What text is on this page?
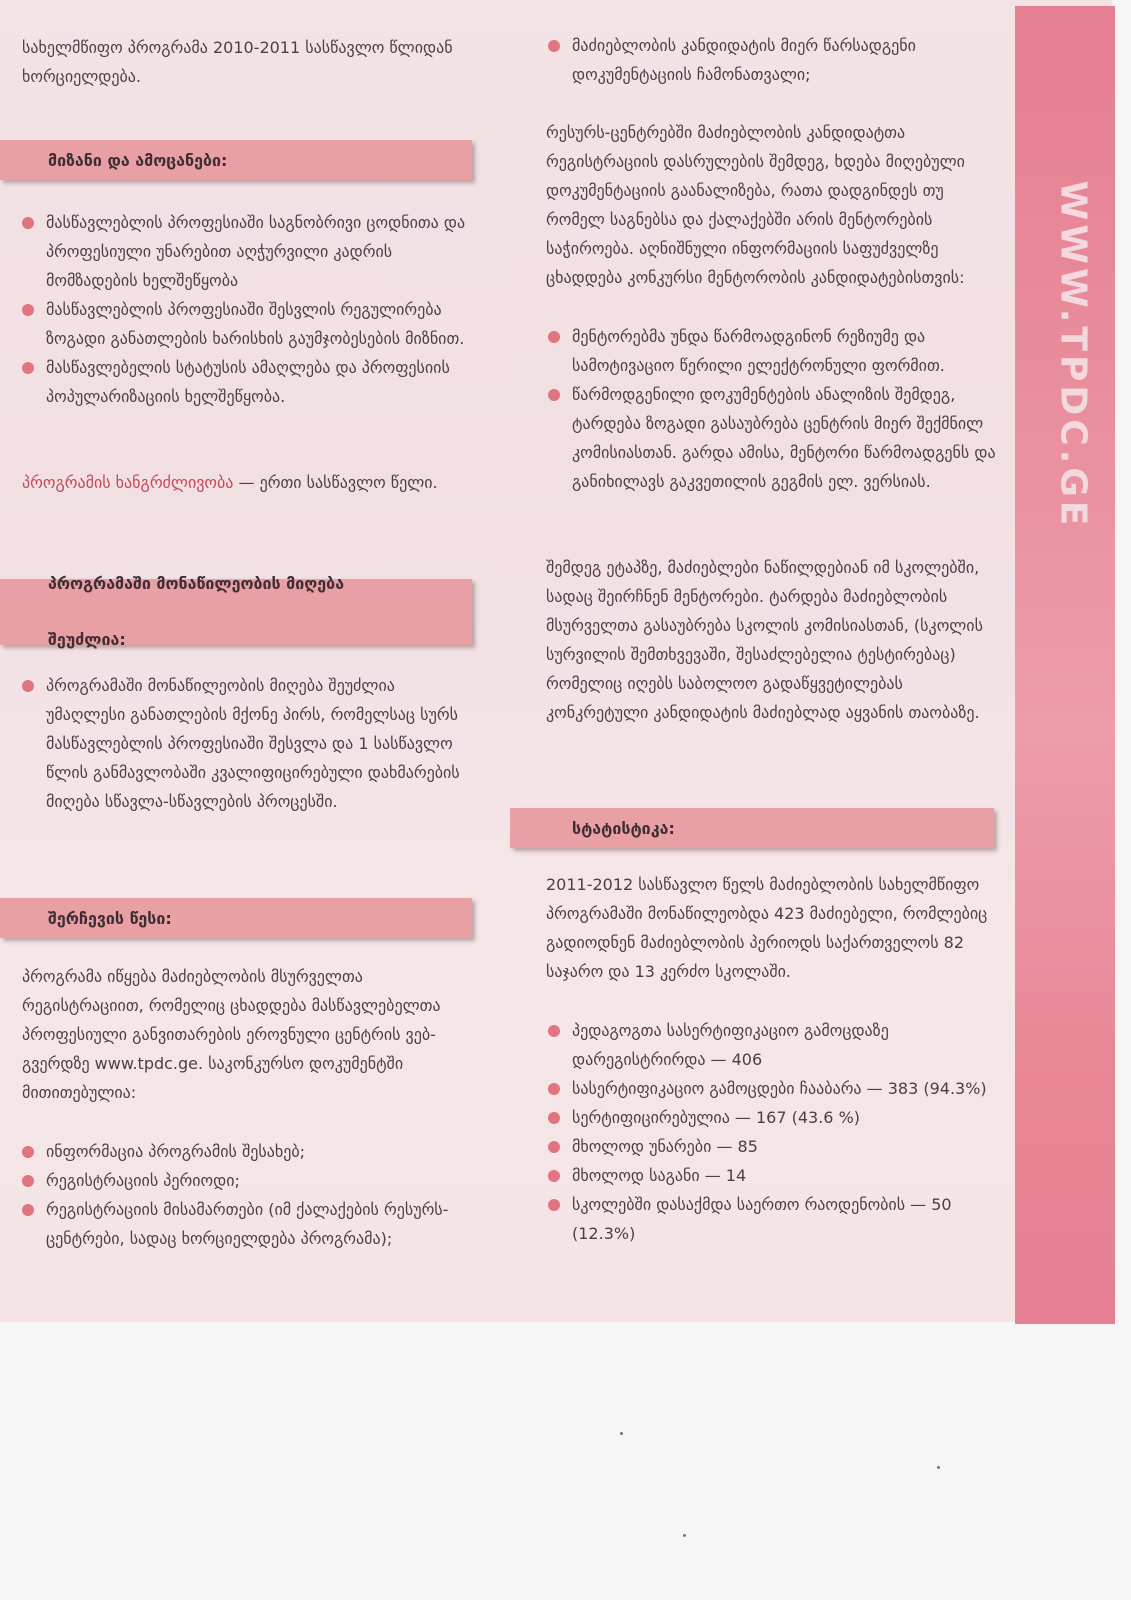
სახელმწიფო პროგრამა 2010-2011 სასწავლო წლიდან ხორციელდება.

მიზანი და ამოცანები:
მასწავლებლის პროფესიაში საგნობრივი ცოდნითა და პროფესიული უნარებით აღჭურვილი კადრის მომზადების ხელშეწყობა
მასწავლებლის პროფესიაში შესვლის რეგულირება ზოგადი განათლების ხარისხის გაუმჯობესების მიზნით.
მასწავლებელის სტატუსის ამაღლება და პროფესიის პოპულარიზაციის ხელშეწყობა.

პროგრამის ხანგრძლივობა — ერთი სასწავლო წელი.

პროგრამაში მონაწილეობის მიღება

შეუძლია:
პროგრამაში მონაწილეობის მიღება შეუძლია უმაღლესი განათლების მქონე პირს, რომელსაც სურს მასწავლებლის პროფესიაში შესვლა და 1 სასწავლო წლის განმავლობაში კვალიფიცირებული დახმარების მიღება სწავლა-სწავლების პროცესში.
შერჩევის წესი:

პროგრამა იწყება მაძიებლობის მსურველთა რეგისტრაციით, რომელიც ცხადდება მასწავლებელთა პროფესიული განვითარების ეროვნული ცენტრის ვებ-გვერდზე www.tpdc.ge. საკონკურსო დოკუმენტში მითითებულია:

ინფორმაცია პროგრამის შესახებ;
რეგისტრაციის პერიოდი;
რეგისტრაციის მისამართები (იმ ქალაქების რესურს-ცენტრები, სადაც ხორციელდება პროგრამა);
მაძიებლობის კანდიდატის მიერ წარსადგენი დოკუმენტაციის ჩამონათვალი;

რესურს-ცენტრებში მაძიებლობის კანდიდატთა რეგისტრაციის დასრულების შემდეგ, ხდება მიღებული დოკუმენტაციის გაანალიზება, რათა დადგინდეს თუ რომელ საგნებსა და ქალაქებში არის მენტორების საჭიროება. აღნიშნული ინფორმაციის საფუძველზე ცხადდება კონკურსი მენტორობის კანდიდატებისთვის:

მენტორებმა უნდა წარმოადგინონ რეზიუმე და სამოტივაციო წერილი ელექტრონული ფორმით.
წარმოდგენილი დოკუმენტების ანალიზის შემდეგ, ტარდება ზოგადი გასაუბრება ცენტრის მიერ შექმნილ კომისიასთან. გარდა ამისა, მენტორი წარმოადგენს და განიხილავს გაკვეთილის გეგმის ელ. ვერსიას.

შემდეგ ეტაპზე, მაძიებლები ნაწილდებიან იმ სკოლებში, სადაც შეირჩნენ მენტორები. ტარდება მაძიებლობის მსურველთა გასაუბრება სკოლის კომისიასთან, (სკოლის სურვილის შემთხვევაში, შესაძლებელია ტესტირებაც) რომელიც იღებს საბოლოო გადაწყვეტილებას კონკრეტული კანდიდატის მაძიებლად აყვანის თაობაზე.

სტატისტიკა:

2011-2012 სასწავლო წელს მაძიებლობის სახელმწიფო პროგრამაში მონაწილეობდა 423 მაძიებელი, რომლებიც გადიოდნენ მაძიებლობის პერიოდს საქართველოს 82 საჯარო და 13 კერძო სკოლაში.

პედაგოგთა სასერტიფიკაციო გამოცდაზე დარეგისტრირდა — 406
სასერტიფიკაციო გამოცდები ჩააბარა — 383 (94.3%)
სერტიფიცირებულია — 167 (43.6 %)
მხოლოდ უნარები — 85
მხოლოდ საგანი — 14
სკოლებში დასაქმდა საერთო რაოდენობის — 50 (12.3%)
WWW.TPDC.GE
